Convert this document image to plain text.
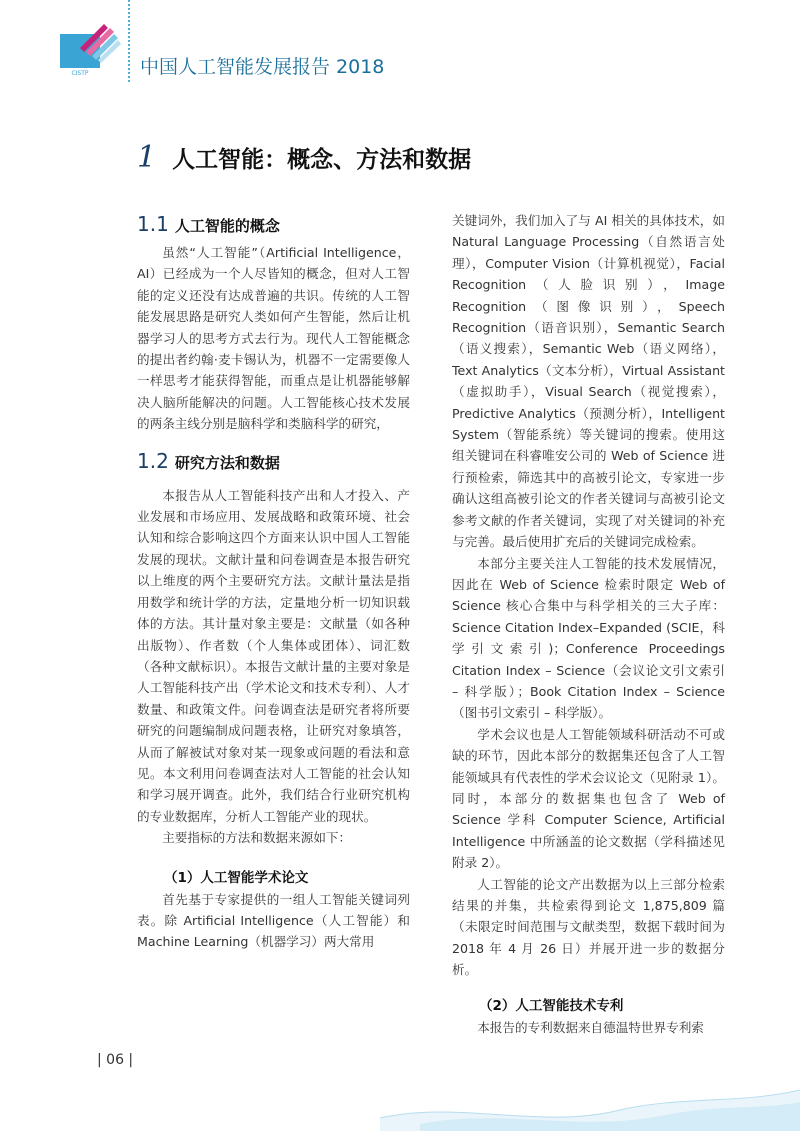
CISTP	中国人工智能发展报告 2018
1 人工智能：概念、方法和数据
1.1 人工智能的概念

虽然“人工智能”（Artificial Intelligence，AI）已经成为一个人尽皆知的概念，但对人工智能的定义还没有达成普遍的共识。传统的人工智能发展思路是研究人类如何产生智能，然后让机器学习人的思考方式去行为。现代人工智能概念的提出者约翰·麦卡锡认为，机器不一定需要像人一样思考才能获得智能，而重点是让机器能够解决人脑所能解决的问题。人工智能核心技术发展的两条主线分别是脑科学和类脑科学的研究，

1.2 研究方法和数据

本报告从人工智能科技产出和人才投入、产业发展和市场应用、发展战略和政策环境、社会认知和综合影响这四个方面来认识中国人工智能发展的现状。文献计量和问卷调查是本报告研究以上维度的两个主要研究方法。文献计量法是指用数学和统计学的方法，定量地分析一切知识载体的方法。其计量对象主要是：文献量（如各种出版物）、作者数（个人集体或团体）、词汇数（各种文献标识）。本报告文献计量的主要对象是人工智能科技产出（学术论文和技术专利）、人才数量、和政策文件。问卷调查法是研究者将所要研究的问题编制成问题表格，让研究对象填答，从而了解被试对象对某一现象或问题的看法和意见。本文利用问卷调查法对人工智能的社会认知和学习展开调查。此外，我们结合行业研究机构的专业数据库，分析人工智能产业的现状。

主要指标的方法和数据来源如下：

（1）人工智能学术论文

首先基于专家提供的一组人工智能关键词列表。除 Artificial Intelligence（人工智能）和 Machine Learning（机器学习）两大常用

关键词外，我们加入了与 AI 相关的具体技术，如 Natural Language Processing（自然语言处理），Computer Vision（计算机视觉），Facial Recognition（人脸识别），Image Recognition（图像识别），Speech Recognition（语音识别），Semantic Search（语义搜索），Semantic Web（语义网络），Text Analytics（文本分析），Virtual Assistant（虚拟助手），Visual Search（视觉搜索），Predictive Analytics（预测分析），Intelligent System（智能系统）等关键词的搜索。使用这组关键词在科睿唯安公司的 Web of Science 进行预检索，筛选其中的高被引论文，专家进一步确认这组高被引论文的作者关键词与高被引论文参考文献的作者关键词，实现了对关键词的补充与完善。最后使用扩充后的关键词完成检索。

本部分主要关注人工智能的技术发展情况，因此在 Web of Science 检索时限定 Web of Science 核心合集中与科学相关的三大子库：Science Citation Index–Expanded (SCIE，科学引文索引)；Conference Proceedings Citation Index – Science（会议论文引文索引 – 科学版）；Book Citation Index – Science（图书引文索引 – 科学版）。

学术会议也是人工智能领域科研活动不可或缺的环节，因此本部分的数据集还包含了人工智能领域具有代表性的学术会议论文（见附录 1）。同时，本部分的数据集也包含了 Web of Science 学科 Computer Science, Artificial Intelligence 中所涵盖的论文数据（学科描述见附录 2）。

人工智能的论文产出数据为以上三部分检索结果的并集，共检索得到论文 1,875,809 篇（未限定时间范围与文献类型，数据下载时间为 2018 年 4 月 26 日）并展开进一步的数据分析。

（2）人工智能技术专利

本报告的专利数据来自德温特世界专利索

| 06 |
